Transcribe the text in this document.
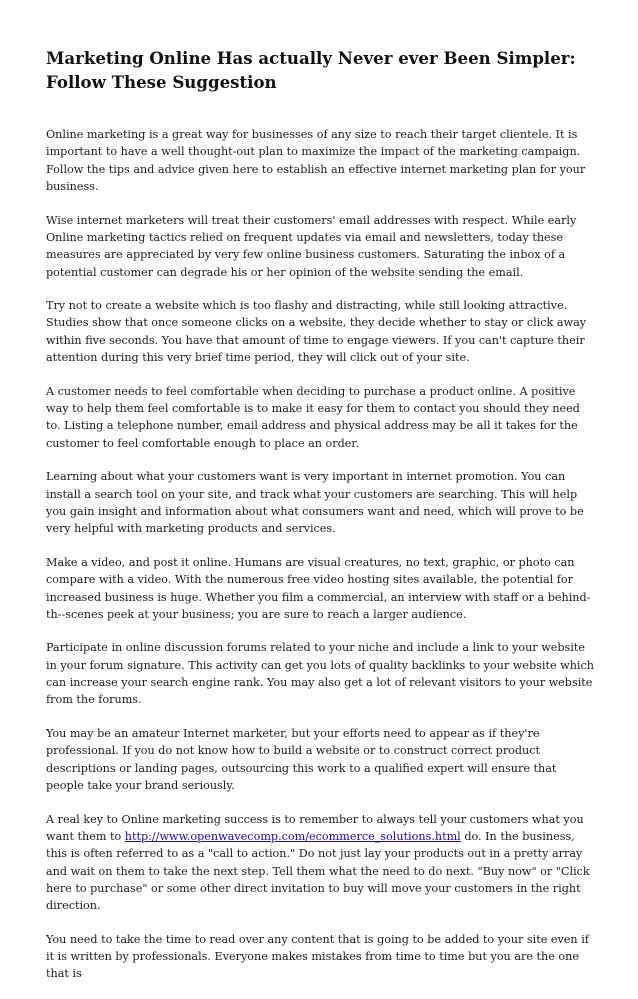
Marketing Online Has actually Never ever Been Simpler: Follow These Suggestion

Online marketing is a great way for businesses of any size to reach their target clientele. It is important to have a well thought-out plan to maximize the impact of the marketing campaign. Follow the tips and advice given here to establish an effective internet marketing plan for your business.

Wise internet marketers will treat their customers' email addresses with respect. While early Online marketing tactics relied on frequent updates via email and newsletters, today these measures are appreciated by very few online business customers. Saturating the inbox of a potential customer can degrade his or her opinion of the website sending the email.

Try not to create a website which is too flashy and distracting, while still looking attractive. Studies show that once someone clicks on a website, they decide whether to stay or click away within five seconds. You have that amount of time to engage viewers. If you can't capture their attention during this very brief time period, they will click out of your site.

A customer needs to feel comfortable when deciding to purchase a product online. A positive way to help them feel comfortable is to make it easy for them to contact you should they need to. Listing a telephone number, email address and physical address may be all it takes for the customer to feel comfortable enough to place an order.

Learning about what your customers want is very important in internet promotion. You can install a search tool on your site, and track what your customers are searching. This will help you gain insight and information about what consumers want and need, which will prove to be very helpful with marketing products and services.

Make a video, and post it online. Humans are visual creatures, no text, graphic, or photo can compare with a video. With the numerous free video hosting sites available, the potential for increased business is huge. Whether you film a commercial, an interview with staff or a behind-th--scenes peek at your business; you are sure to reach a larger audience.

Participate in online discussion forums related to your niche and include a link to your website in your forum signature. This activity can get you lots of quality backlinks to your website which can increase your search engine rank. You may also get a lot of relevant visitors to your website from the forums.

You may be an amateur Internet marketer, but your efforts need to appear as if they're professional. If you do not know how to build a website or to construct correct product descriptions or landing pages, outsourcing this work to a qualified expert will ensure that people take your brand seriously.

A real key to Online marketing success is to remember to always tell your customers what you want them to http://www.openwavecomp.com/ecommerce_solutions.html do. In the business, this is often referred to as a "call to action." Do not just lay your products out in a pretty array and wait on them to take the next step. Tell them what the need to do next. "Buy now" or "Click here to purchase" or some other direct invitation to buy will move your customers in the right direction.

You need to take the time to read over any content that is going to be added to your site even if it is written by professionals. Everyone makes mistakes from time to time but you are the one that is
